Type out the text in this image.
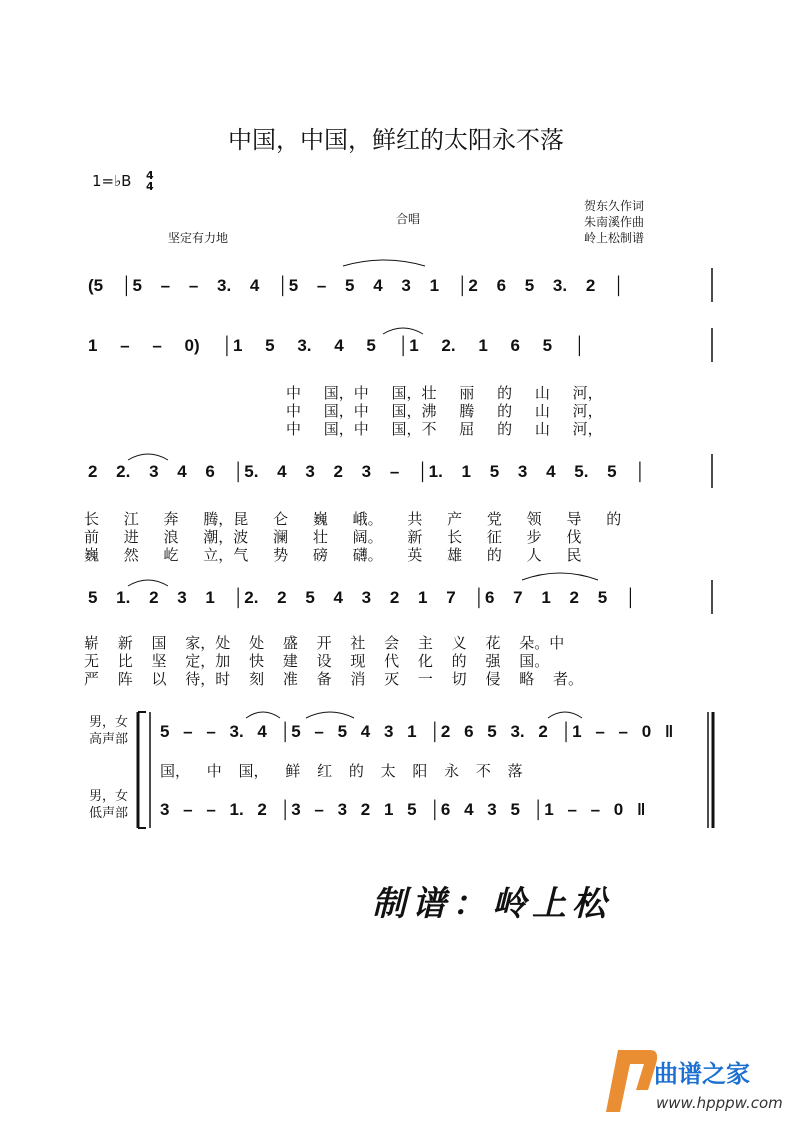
中国，中国，鲜红的太阳永不落
1=♭B 4
4
坚定有力地
合唱
贺东久作词
朱南溪作曲
岭上松制谱
(5 │5 – – 3. 4 │5 – 5 4 3 1 │2 6 5 3. 2 │
1 – – 0) │1 5 3. 4 5 │1 2. 1 6 5 │
中 国，中 国，壮 丽 的 山 河，
中 国，中 国，沸 腾 的 山 河，
中 国，中 国，不 屈 的 山 河，
2 2. 3 4 6 │5. 4 3 2 3 – │1. 1 5 3 4 5. 5 │
长 江 奔 腾，昆 仑 巍 峨。 共 产 党 领 导 的
前 进 浪 潮，波 澜 壮 阔。 新 长 征 步 伐
巍 然 屹 立，气 势 磅 礴。 英 雄 的 人 民
5 1. 2 3 1 │2. 2 5 4 3 2 1 7 │6 7 1 2 5 │
崭 新 国 家，处 处 盛 开 社 会 主 义 花 朵。中
无 比 坚 定，加 快 建 设 现 代 化 的 强 国。
严 阵 以 待，时 刻 准 备 消 灭 一 切 侵 略 者。
男，女
高声部
男，女
低声部
5 – – 3. 4 │5 – 5 4 3 1 │2 6 5 3. 2 │1 – – 0 ‖
国， 中 国， 鲜 红 的 太 阳 永 不 落
3 – – 1. 2 │3 – 3 2 1 5 │6 4 3 5 │1 – – 0 ‖
制谱：岭上松
曲谱之家
www.hpppw.com
